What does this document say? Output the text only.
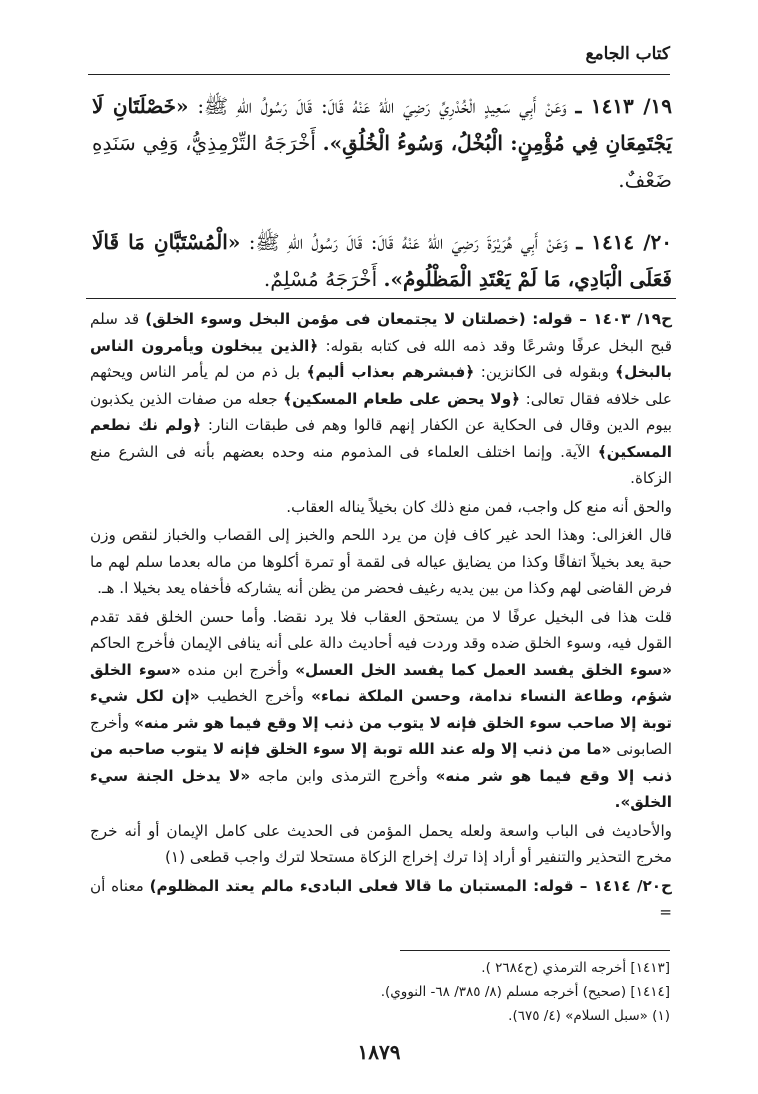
كتاب الجامع
١٩/ ١٤١٣ ـ وَعَنْ أَبِي سَعِيدٍ الْخُدْرِيِّ رَضِيَ اللهُ عَنْهُ قَالَ: قَالَ رَسُولُ اللهِ ﷺ: «خَصْلَتَانِ لَا يَجْتَمِعَانِ فِي مُؤْمِنٍ: الْبُخْلُ، وَسُوءُ الْخُلُقِ». أَخْرَجَهُ التِّرْمِذِيُّ، وَفِي سَنَدِهِ ضَعْفٌ.
٢٠/ ١٤١٤ ـ وَعَنْ أَبِي هُرَيْرَةَ رَضِيَ اللهُ عَنْهُ قَالَ: قَالَ رَسُولُ اللهِ ﷺ: «الْمُسْتَبَّانِ مَا قَالَا فَعَلَى الْبَادِي، مَا لَمْ يَعْتَدِ الْمَظْلُومُ». أَخْرَجَهُ مُسْلِمٌ.

ح١٩/ ١٤٠٣ – قوله: (خصلتان لا يجتمعان فى مؤمن البخل وسوء الخلق) قد سلم قبح البخل عرفًا وشرعًا وقد ذمه الله فى كتابه بقوله: ﴿الذين يبخلون ويأمرون الناس بالبخل﴾ وبقوله فى الكانزين: ﴿فبشرهم بعذاب أليم﴾ بل ذم من لم يأمر الناس ويحثهم على خلافه فقال تعالى: ﴿ولا يحض على طعام المسكين﴾ جعله من صفات الذين يكذبون بيوم الدين وقال فى الحكاية عن الكفار إنهم قالوا وهم فى طبقات النار: ﴿ولم نك نطعم المسكين﴾ الآية. وإنما اختلف العلماء فى المذموم منه وحده بعضهم بأنه فى الشرع منع الزكاة.

والحق أنه منع كل واجب، فمن منع ذلك كان بخيلاً يناله العقاب.

قال الغزالى: وهذا الحد غير كاف فإن من يرد اللحم والخبز إلى القصاب والخباز لنقص وزن حبة يعد بخيلاً اتفاقًا وكذا من يضايق عياله فى لقمة أو تمرة أكلوها من ماله بعدما سلم لهم ما فرض القاضى لهم وكذا من بين يديه رغيف فحضر من يظن أنه يشاركه فأخفاه يعد بخيلا ا. هـ.

قلت هذا فى البخيل عرفًا لا من يستحق العقاب فلا يرد نقضا. وأما حسن الخلق فقد تقدم القول فيه، وسوء الخلق ضده وقد وردت فيه أحاديث دالة على أنه ينافى الإيمان فأخرج الحاكم «سوء الخلق يفسد العمل كما يفسد الخل العسل» وأخرج ابن منده «سوء الخلق شؤم، وطاعة النساء ندامة، وحسن الملكة نماء» وأخرج الخطيب «إن لكل شيء توبة إلا صاحب سوء الخلق فإنه لا يتوب من ذنب إلا وقع فيما هو شر منه» وأخرج الصابونى «ما من ذنب إلا وله عند الله توبة إلا سوء الخلق فإنه لا يتوب صاحبه من ذنب إلا وقع فيما هو شر منه» وأخرج الترمذى وابن ماجه «لا يدخل الجنة سيء الخلق».

والأحاديث فى الباب واسعة ولعله يحمل المؤمن فى الحديث على كامل الإيمان أو أنه خرج مخرج التحذير والتنفير أو أراد إذا ترك إخراج الزكاة مستحلا لترك واجب قطعى (١)

ح٢٠/ ١٤١٤ – قوله: المستبان ما قالا فعلى البادىء مالم يعتد المظلوم) معناه أن =

[١٤١٣] أخرجه الترمذي (ح٢٦٨٤ ).
[١٤١٤] (صحيح) أخرجه مسلم (٨/ ٣٨٥/ ٦٨- النووي).
(١) «سبل السلام» (٤/ ٦٧٥).
١٨٧٩
